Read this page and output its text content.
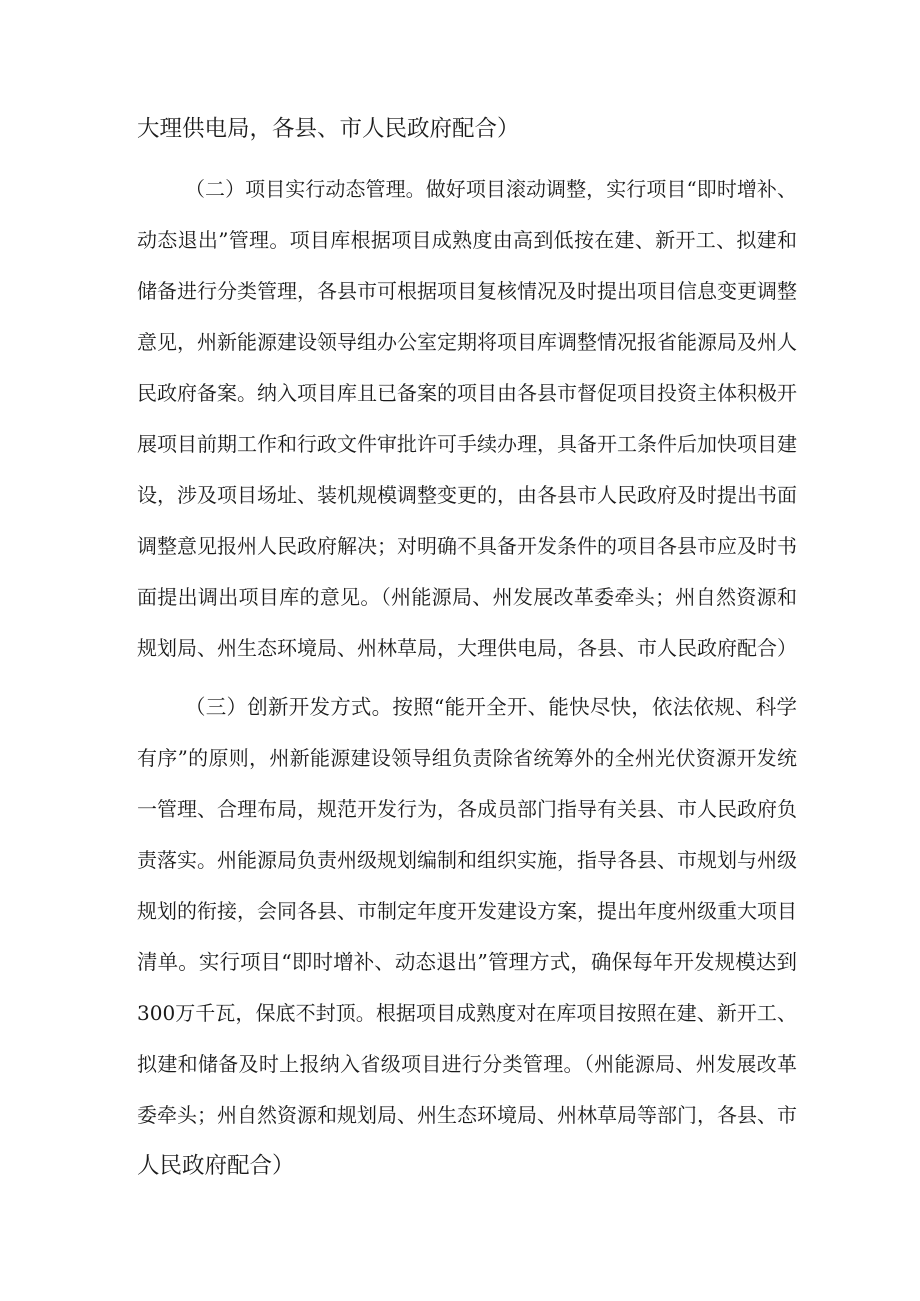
大理供电局，各县、市人民政府配合）
（二）项目实行动态管理。做好项目滚动调整，实行项目“即时增补、
动态退出”管理。项目库根据项目成熟度由高到低按在建、新开工、拟建和
储备进行分类管理，各县市可根据项目复核情况及时提出项目信息变更调整
意见，州新能源建设领导组办公室定期将项目库调整情况报省能源局及州人
民政府备案。纳入项目库且已备案的项目由各县市督促项目投资主体积极开
展项目前期工作和行政文件审批许可手续办理，具备开工条件后加快项目建
设，涉及项目场址、装机规模调整变更的，由各县市人民政府及时提出书面
调整意见报州人民政府解决；对明确不具备开发条件的项目各县市应及时书
面提出调出项目库的意见。（州能源局、州发展改革委牵头；州自然资源和
规划局、州生态环境局、州林草局，大理供电局，各县、市人民政府配合）
（三）创新开发方式。按照“能开全开、能快尽快，依法依规、科学
有序”的原则，州新能源建设领导组负责除省统筹外的全州光伏资源开发统
一管理、合理布局，规范开发行为，各成员部门指导有关县、市人民政府负
责落实。州能源局负责州级规划编制和组织实施，指导各县、市规划与州级
规划的衔接，会同各县、市制定年度开发建设方案，提出年度州级重大项目
清单。实行项目“即时增补、动态退出”管理方式，确保每年开发规模达到
300万千瓦，保底不封顶。根据项目成熟度对在库项目按照在建、新开工、
拟建和储备及时上报纳入省级项目进行分类管理。（州能源局、州发展改革
委牵头；州自然资源和规划局、州生态环境局、州林草局等部门，各县、市
人民政府配合）
